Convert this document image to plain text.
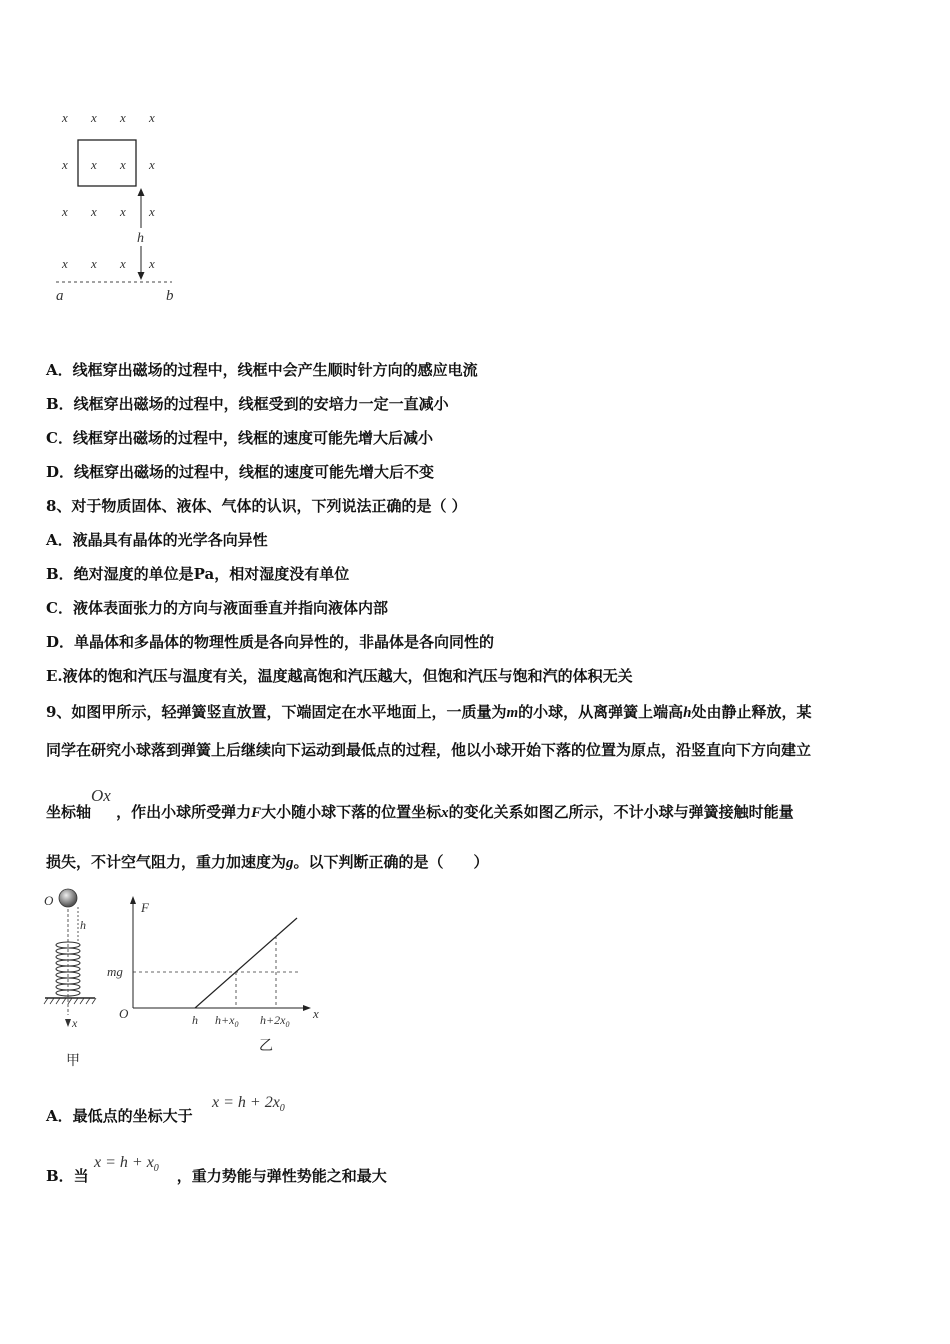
x x x x
x x x x
x x x x
x x x x
h
a	b
A．线框穿出磁场的过程中，线框中会产生顺时针方向的感应电流
B．线框穿出磁场的过程中，线框受到的安培力一定一直减小
C．线框穿出磁场的过程中，线框的速度可能先增大后减小
D．线框穿出磁场的过程中，线框的速度可能先增大后不变
8、对于物质固体、液体、气体的认识，下列说法正确的是（ ）
A．液晶具有晶体的光学各向异性
B．绝对湿度的单位是Pa，相对湿度没有单位
C．液体表面张力的方向与液面垂直并指向液体内部
D．单晶体和多晶体的物理性质是各向异性的，非晶体是各向同性的
E.液体的饱和汽压与温度有关，温度越高饱和汽压越大，但饱和汽压与饱和汽的体积无关
9、如图甲所示，轻弹簧竖直放置，下端固定在水平地面上，一质量为m的小球，从离弹簧上端高h处由静止释放，某
同学在研究小球落到弹簧上后继续向下运动到最低点的过程，他以小球开始下落的位置为原点，沿竖直向下方向建立
坐标轴Ox ，作出小球所受弹力F大小随小球下落的位置坐标x的变化关系如图乙所示，不计小球与弹簧接触时能量
损失，不计空气阻力，重力加速度为g。以下判断正确的是（　　）
O
h
x
甲
F
x
O
mg
h $h+x_0$ $h+2x_0$
乙
A．最低点的坐标大于
$x = h + 2x_0$
B．当	，重力势能与弹性势能之和最大
$x = h + x_0$
